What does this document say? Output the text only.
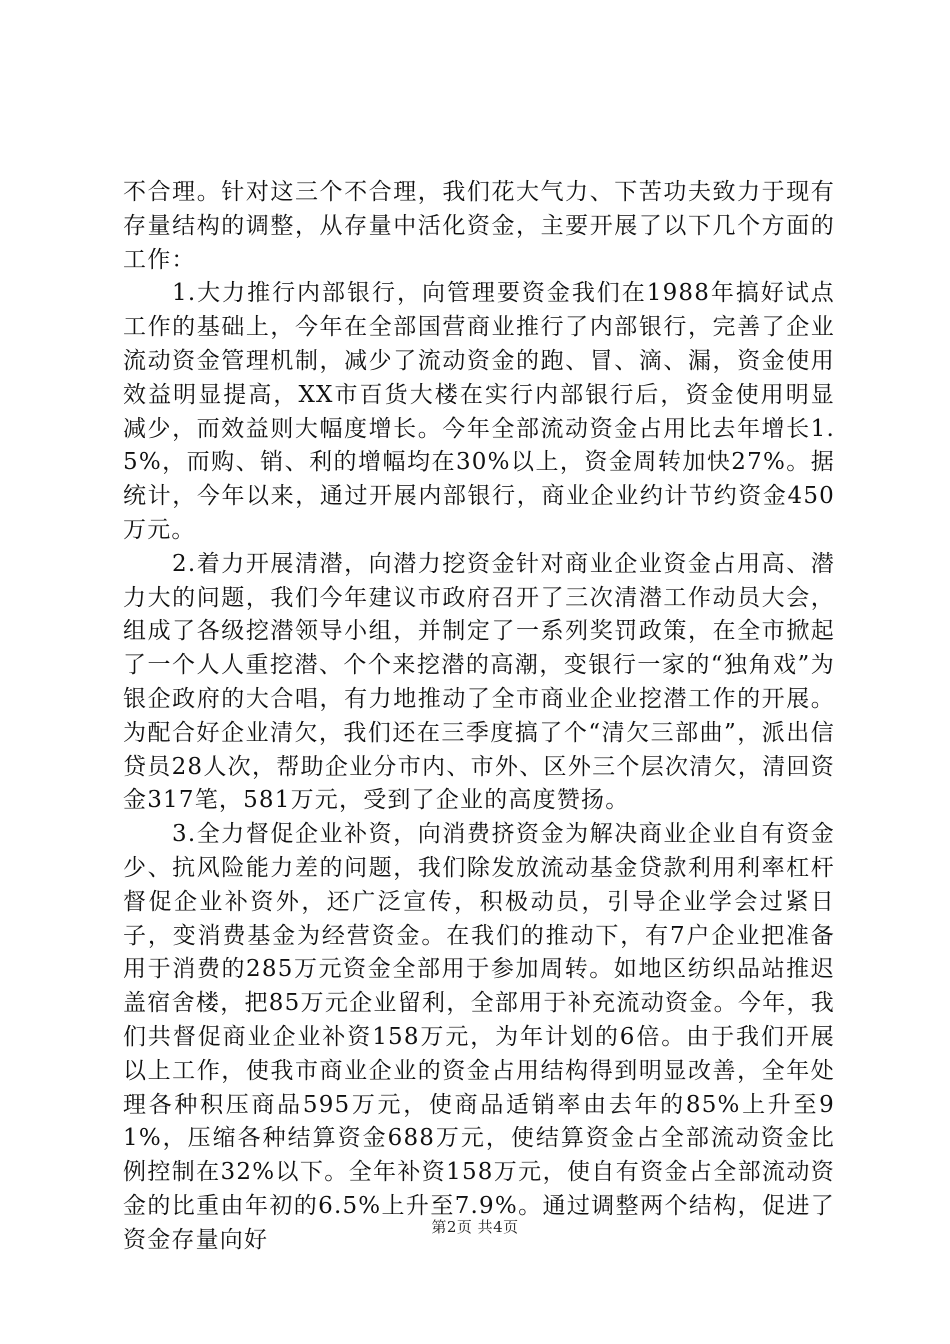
不合理。针对这三个不合理，我们花大气力、下苦功夫致力于现有存量结构的调整，从存量中活化资金，主要开展了以下几个方面的工作：

1.大力推行内部银行，向管理要资金我们在1988年搞好试点工作的基础上，今年在全部国营商业推行了内部银行，完善了企业流动资金管理机制，减少了流动资金的跑、冒、滴、漏，资金使用效益明显提高，XX市百货大楼在实行内部银行后，资金使用明显减少，而效益则大幅度增长。今年全部流动资金占用比去年增长1.5%，而购、销、利的增幅均在30%以上，资金周转加快27%。据统计，今年以来，通过开展内部银行，商业企业约计节约资金450万元。

2.着力开展清潜，向潜力挖资金针对商业企业资金占用高、潜力大的问题，我们今年建议市政府召开了三次清潜工作动员大会，组成了各级挖潜领导小组，并制定了一系列奖罚政策，在全市掀起了一个人人重挖潜、个个来挖潜的高潮，变银行一家的“独角戏”为银企政府的大合唱，有力地推动了全市商业企业挖潜工作的开展。为配合好企业清欠，我们还在三季度搞了个“清欠三部曲”，派出信贷员28人次，帮助企业分市内、市外、区外三个层次清欠，清回资金317笔，581万元，受到了企业的高度赞扬。

3.全力督促企业补资，向消费挤资金为解决商业企业自有资金少、抗风险能力差的问题，我们除发放流动基金贷款利用利率杠杆督促企业补资外，还广泛宣传，积极动员，引导企业学会过紧日子，变消费基金为经营资金。在我们的推动下，有7户企业把准备用于消费的285万元资金全部用于参加周转。如地区纺织品站推迟盖宿舍楼，把85万元企业留利，全部用于补充流动资金。今年，我们共督促商业企业补资158万元，为年计划的6倍。由于我们开展以上工作，使我市商业企业的资金占用结构得到明显改善，全年处理各种积压商品595万元，使商品适销率由去年的85%上升至91%，压缩各种结算资金688万元，使结算资金占全部流动资金比例控制在32%以下。全年补资158万元，使自有资金占全部流动资金的比重由年初的6.5%上升至7.9%。通过调整两个结构，促进了资金存量向好	第2页 共4页
